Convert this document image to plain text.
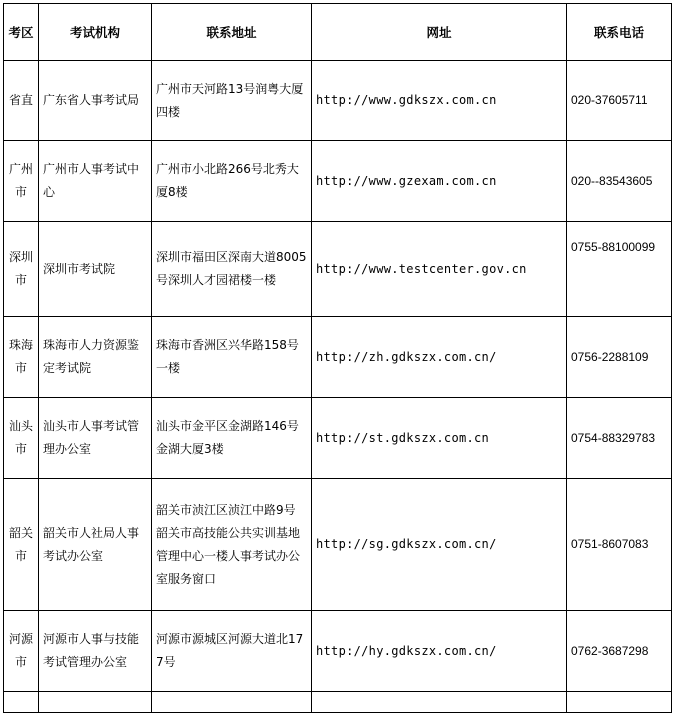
考区	考试机构	联系地址	网址	联系电话
省直	广东省人事考试局	广州市天河路13号润粤大厦四楼	http://www.gdkszx.com.cn	020-37605711
广州市	广州市人事考试中心	广州市小北路266号北秀大厦8楼	http://www.gzexam.com.cn	020--83543605
深圳市	深圳市考试院	深圳市福田区深南大道8005号深圳人才园裙楼一楼	http://www.testcenter.gov.cn	0755-88100099
珠海市	珠海市人力资源鉴定考试院	珠海市香洲区兴华路158号一楼	http://zh.gdkszx.com.cn/	0756-2288109
汕头市	汕头市人事考试管理办公室	汕头市金平区金湖路146号金湖大厦3楼	http://st.gdkszx.com.cn	0754-88329783
韶关市	韶关市人社局人事考试办公室	韶关市浈江区浈江中路9号韶关市高技能公共实训基地管理中心一楼人事考试办公室服务窗口	http://sg.gdkszx.com.cn/	0751-8607083
河源市	河源市人事与技能考试管理办公室	河源市源城区河源大道北177号	http://hy.gdkszx.com.cn/	0762-3687298
